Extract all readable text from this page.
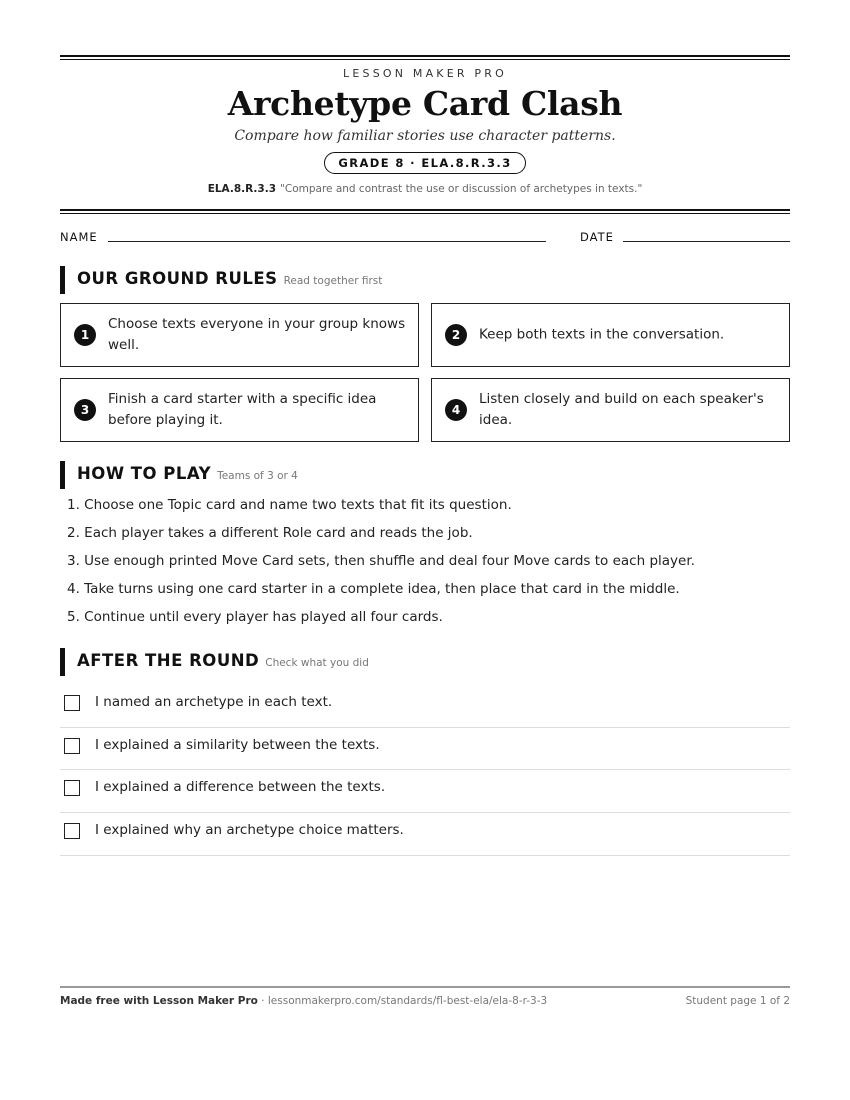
LESSON MAKER PRO
Archetype Card Clash
Compare how familiar stories use character patterns.
GRADE 8 · ELA.8.R.3.3
ELA.8.R.3.3 "Compare and contrast the use or discussion of archetypes in texts."
NAME	DATE
OUR GROUND RULES Read together first
1
Choose texts everyone in your group knows well.
2	Keep both texts in the conversation.
3
Finish a card starter with a specific idea before playing it.
4
Listen closely and build on each speaker's idea.
HOW TO PLAY Teams of 3 or 4
1. Choose one Topic card and name two texts that fit its question.
2. Each player takes a different Role card and reads the job.
3. Use enough printed Move Card sets, then shuffle and deal four Move cards to each player.
4. Take turns using one card starter in a complete idea, then place that card in the middle.
5. Continue until every player has played all four cards.
AFTER THE ROUND Check what you did
I named an archetype in each text.
I explained a similarity between the texts.
I explained a difference between the texts.
I explained why an archetype choice matters.
Made free with Lesson Maker Pro · lessonmakerpro.com/standards/fl-best-ela/ela-8-r-3-3	Student page 1 of 2
